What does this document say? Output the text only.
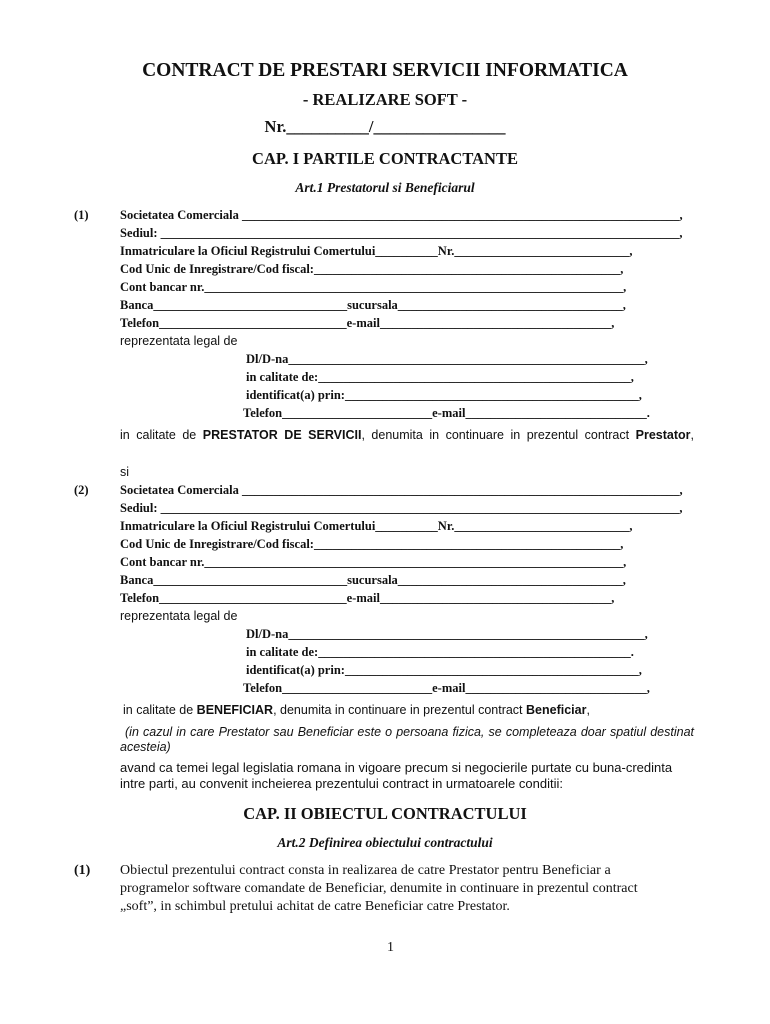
CONTRACT DE PRESTARI SERVICII INFORMATICA
- REALIZARE SOFT -
Nr.__________/________________
CAP. I PARTILE CONTRACTANTE
Art.1 Prestatorul si Beneficiarul
(1)	Societatea Comerciala ______________________________________________________________________,
Sediul: ___________________________________________________________________________________,
Inmatriculare la Oficiul Registrului Comertului__________Nr.____________________________,
Cod Unic de Inregistrare/Cod fiscal:_________________________________________________,
Cont bancar nr.___________________________________________________________________,
Banca_______________________________sucursala____________________________________,
Telefon______________________________e-mail_____________________________________,
reprezentata legal de
Dl/D-na_________________________________________________________,
in calitate de:__________________________________________________,
identificat(a) prin:_______________________________________________,
Telefon________________________e-mail_____________________________.
in calitate de PRESTATOR DE SERVICII, denumita in continuare in prezentul contract Prestator,
si
(2)	Societatea Comerciala ______________________________________________________________________,
Sediul: ___________________________________________________________________________________,
Inmatriculare la Oficiul Registrului Comertului__________Nr.____________________________,
Cod Unic de Inregistrare/Cod fiscal:_________________________________________________,
Cont bancar nr.___________________________________________________________________,
Banca_______________________________sucursala____________________________________,
Telefon______________________________e-mail_____________________________________,
reprezentata legal de
Dl/D-na_________________________________________________________,
in calitate de:__________________________________________________.
identificat(a) prin:_______________________________________________,
Telefon________________________e-mail_____________________________,
in calitate de BENEFICIAR, denumita in continuare in prezentul contract Beneficiar,
(in cazul in care Prestator sau Beneficiar este o persoana fizica, se completeaza doar spatiul destinat acesteia)
avand ca temei legal legislatia romana in vigoare precum si negocierile purtate cu buna-credinta
intre parti, au convenit incheierea prezentului contract in urmatoarele conditii:
CAP. II OBIECTUL CONTRACTULUI
Art.2 Definirea obiectului contractului
(1) Obiectul prezentului contract consta in realizarea de catre Prestator pentru Beneficiar a
programelor software comandate de Beneficiar, denumite in continuare in prezentul contract
„soft”, in schimbul pretului achitat de catre Beneficiar catre Prestator.
1
